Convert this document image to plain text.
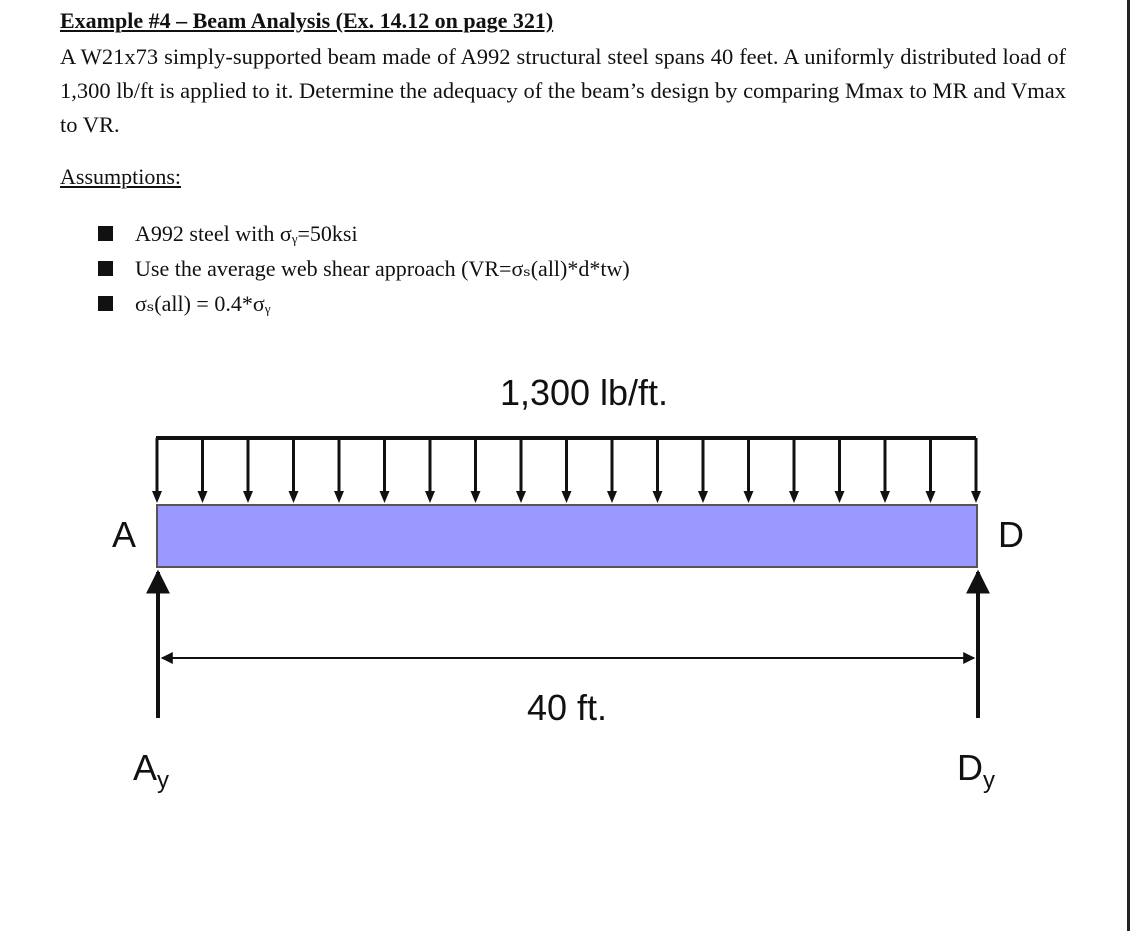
Example #4 – Beam Analysis (Ex. 14.12 on page 321)

A W21x73 simply-supported beam made of A992 structural steel spans 40 feet. A uniformly distributed load of 1,300 lb/ft is applied to it. Determine the adequacy of the beam’s design by comparing Mmax to MR and Vmax to VR.

Assumptions:
A992 steel with σᵧ=50ksi
Use the average web shear approach (VR=σₛ(all)*d*tw)
σₛ(all) = 0.4*σᵧ
1,300 lb/ft.
A	D
40 ft.
$A_y$	$D_y$
